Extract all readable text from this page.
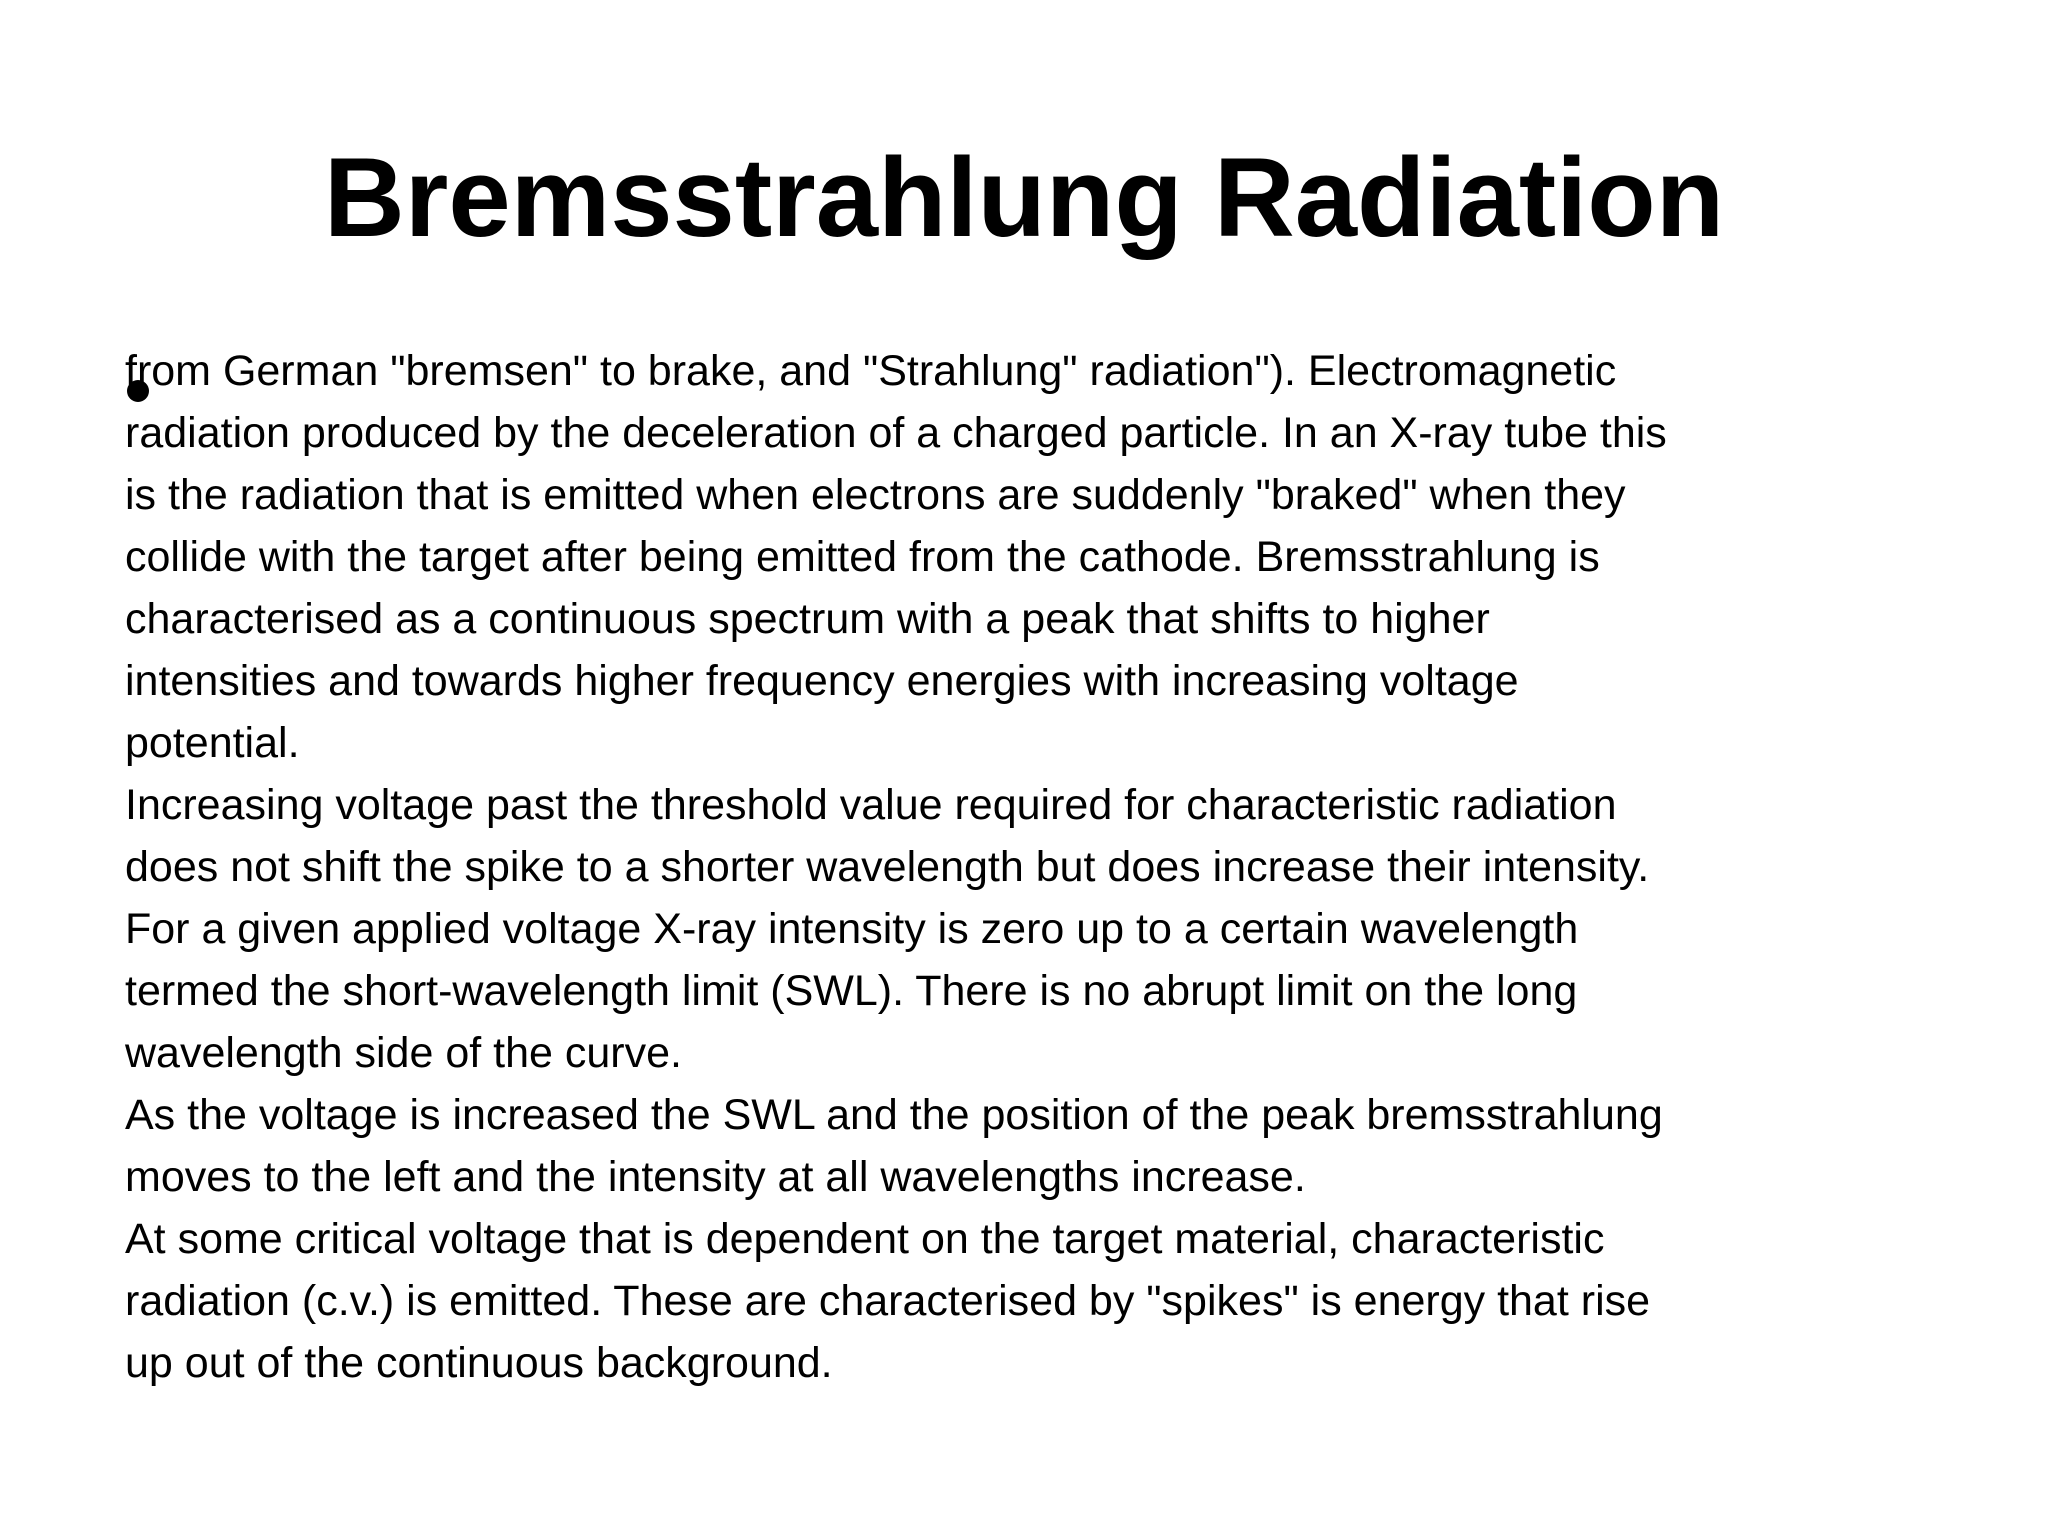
Bremsstrahlung Radiation
from German "bremsen" to brake, and "Strahlung" radiation"). Electromagnetic
radiation produced by the deceleration of a charged particle. In an X-ray tube this
is the radiation that is emitted when electrons are suddenly "braked" when they
collide with the target after being emitted from the cathode. Bremsstrahlung is
characterised as a continuous spectrum with a peak that shifts to higher
intensities and towards higher frequency energies with increasing voltage
potential.
Increasing voltage past the threshold value required for characteristic radiation
does not shift the spike to a shorter wavelength but does increase their intensity.
For a given applied voltage X-ray intensity is zero up to a certain wavelength
termed the short-wavelength limit (SWL). There is no abrupt limit on the long
wavelength side of the curve.
As the voltage is increased the SWL and the position of the peak bremsstrahlung
moves to the left and the intensity at all wavelengths increase.
At some critical voltage that is dependent on the target material, characteristic
radiation (c.v.) is emitted. These are characterised by "spikes" is energy that rise
up out of the continuous background.
